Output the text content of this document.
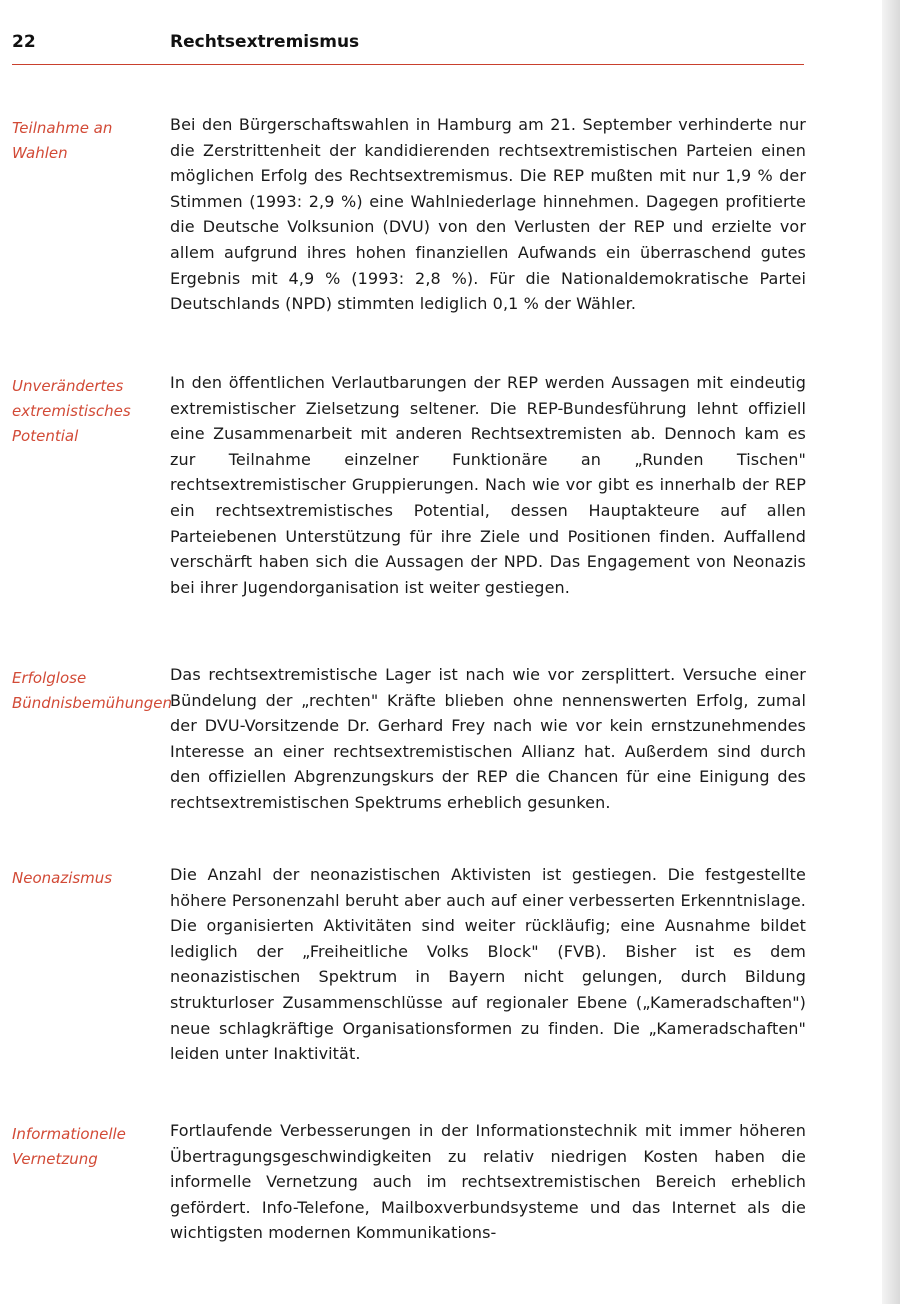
22	Rechtsextremismus
Teilnahme an Wahlen
Bei den Bürgerschaftswahlen in Hamburg am 21. September verhinderte nur die Zerstrittenheit der kandidierenden rechtsextremistischen Parteien einen möglichen Erfolg des Rechtsextremismus. Die REP mußten mit nur 1,9 % der Stimmen (1993: 2,9 %) eine Wahlniederlage hinnehmen. Dagegen profitierte die Deutsche Volksunion (DVU) von den Verlusten der REP und erzielte vor allem aufgrund ihres hohen finanziellen Aufwands ein überraschend gutes Ergebnis mit 4,9 % (1993: 2,8 %). Für die Nationaldemokratische Partei Deutschlands (NPD) stimmten lediglich 0,1 % der Wähler.
Unverändertes extremistisches Potential
In den öffentlichen Verlautbarungen der REP werden Aussagen mit eindeutig extremistischer Zielsetzung seltener. Die REP-Bundesführung lehnt offiziell eine Zusammenarbeit mit anderen Rechtsextremisten ab. Dennoch kam es zur Teilnahme einzelner Funktionäre an „Runden Tischen" rechtsextremistischer Gruppierungen. Nach wie vor gibt es innerhalb der REP ein rechtsextremistisches Potential, dessen Hauptakteure auf allen Parteiebenen Unterstützung für ihre Ziele und Positionen finden. Auffallend verschärft haben sich die Aussagen der NPD. Das Engagement von Neonazis bei ihrer Jugendorganisation ist weiter gestiegen.
Erfolglose Bündnisbemühungen
Das rechtsextremistische Lager ist nach wie vor zersplittert. Versuche einer Bündelung der „rechten" Kräfte blieben ohne nennenswerten Erfolg, zumal der DVU-Vorsitzende Dr. Gerhard Frey nach wie vor kein ernstzunehmendes Interesse an einer rechtsextremistischen Allianz hat. Außerdem sind durch den offiziellen Abgrenzungskurs der REP die Chancen für eine Einigung des rechtsextremistischen Spektrums erheblich gesunken.
Neonazismus	Die Anzahl der neonazistischen Aktivisten ist gestiegen. Die festgestellte höhere Personenzahl beruht aber auch auf einer verbesserten Erkenntnislage. Die organisierten Aktivitäten sind weiter rückläufig; eine Ausnahme bildet lediglich der „Freiheitliche Volks Block" (FVB). Bisher ist es dem neonazistischen Spektrum in Bayern nicht gelungen, durch Bildung strukturloser Zusammenschlüsse auf regionaler Ebene („Kameradschaften") neue schlagkräftige Organisationsformen zu finden. Die „Kameradschaften" leiden unter Inaktivität.
Informationelle Vernetzung
Fortlaufende Verbesserungen in der Informationstechnik mit immer höheren Übertragungsgeschwindigkeiten zu relativ niedrigen Kosten haben die informelle Vernetzung auch im rechtsextremistischen Bereich erheblich gefördert. Info-Telefone, Mailboxverbundsysteme und das Internet als die wichtigsten modernen Kommunikations-
